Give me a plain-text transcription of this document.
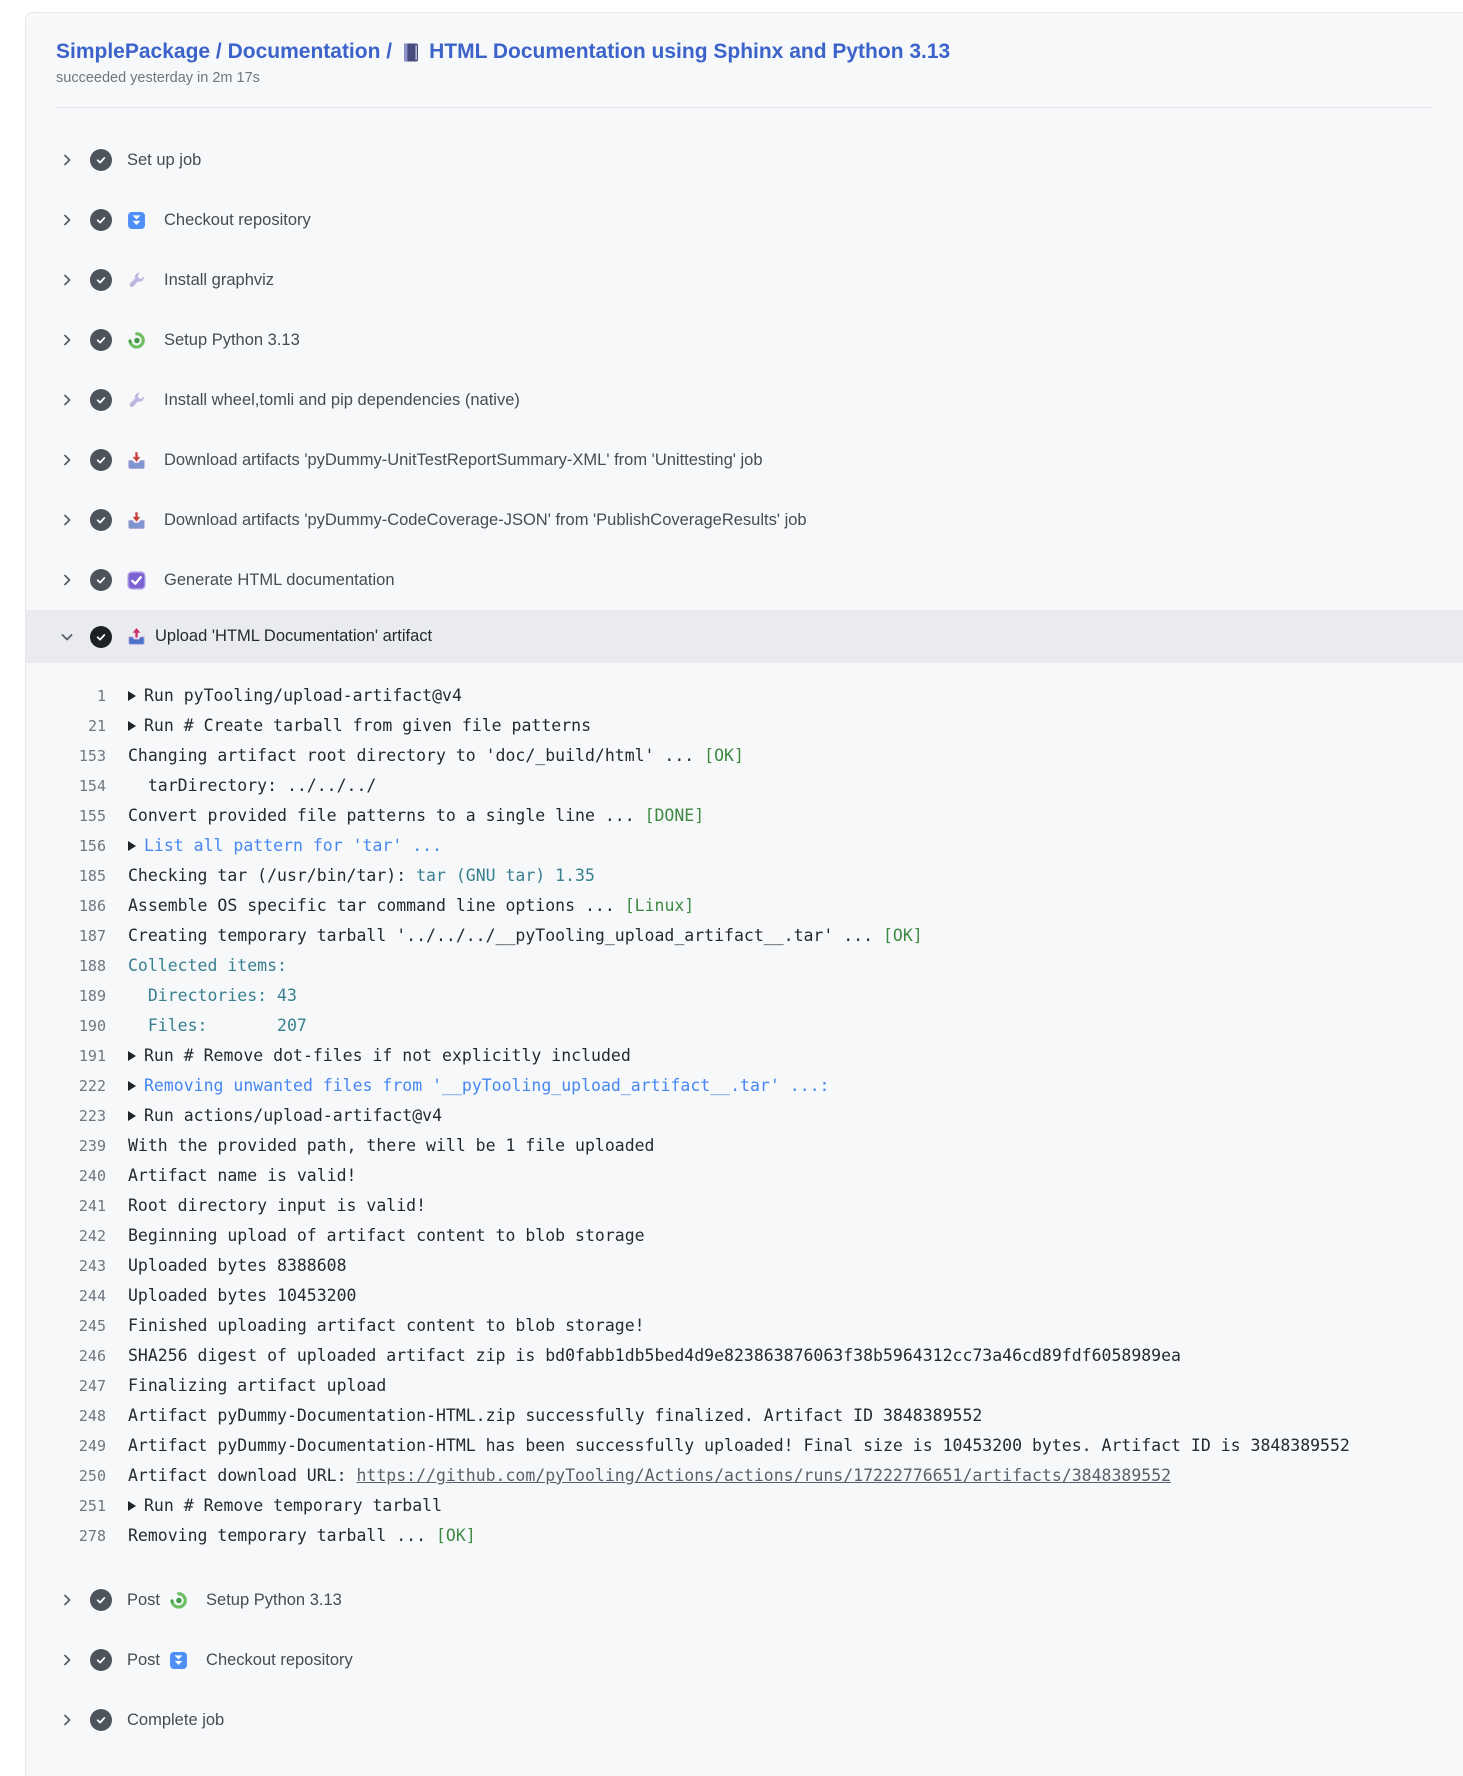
SimplePackage / Documentation / HTML Documentation using Sphinx and Python 3.13
succeeded yesterday in 2m 17s
Set up job
Checkout repository
Install graphviz
Setup Python 3.13
Install wheel,tomli and pip dependencies (native)
Download artifacts 'pyDummy-UnitTestReportSummary-XML' from 'Unittesting' job
Download artifacts 'pyDummy-CodeCoverage-JSON' from 'PublishCoverageResults' job
Generate HTML documentation
Upload 'HTML Documentation' artifact
1	Run pyTooling/upload-artifact@v4
21	Run # Create tarball from given file patterns
153 Changing artifact root directory to 'doc/_build/html' ... [OK]
154 tarDirectory: ../../../
155 Convert provided file patterns to a single line ... [DONE]
156	List all pattern for 'tar' ...
185 Checking tar (/usr/bin/tar): tar (GNU tar) 1.35
186 Assemble OS specific tar command line options ... [Linux]
187 Creating temporary tarball '../../../__pyTooling_upload_artifact__.tar' ... [OK]
188 Collected items:
189 Directories: 43
190 Files:       207
191	Run # Remove dot-files if not explicitly included
222	Removing unwanted files from '__pyTooling_upload_artifact__.tar' ...:
223	Run actions/upload-artifact@v4
239 With the provided path, there will be 1 file uploaded
240 Artifact name is valid!
241 Root directory input is valid!
242 Beginning upload of artifact content to blob storage
243 Uploaded bytes 8388608
244 Uploaded bytes 10453200
245 Finished uploading artifact content to blob storage!
246 SHA256 digest of uploaded artifact zip is bd0fabb1db5bed4d9e823863876063f38b5964312cc73a46cd89fdf6058989ea
247 Finalizing artifact upload
248 Artifact pyDummy-Documentation-HTML.zip successfully finalized. Artifact ID 3848389552
249 Artifact pyDummy-Documentation-HTML has been successfully uploaded! Final size is 10453200 bytes. Artifact ID is 3848389552
250 Artifact download URL: https://github.com/pyTooling/Actions/actions/runs/17222776651/artifacts/3848389552
251	Run # Remove temporary tarball
278 Removing temporary tarball ... [OK]
Post	Setup Python 3.13
Post	Checkout repository
Complete job
